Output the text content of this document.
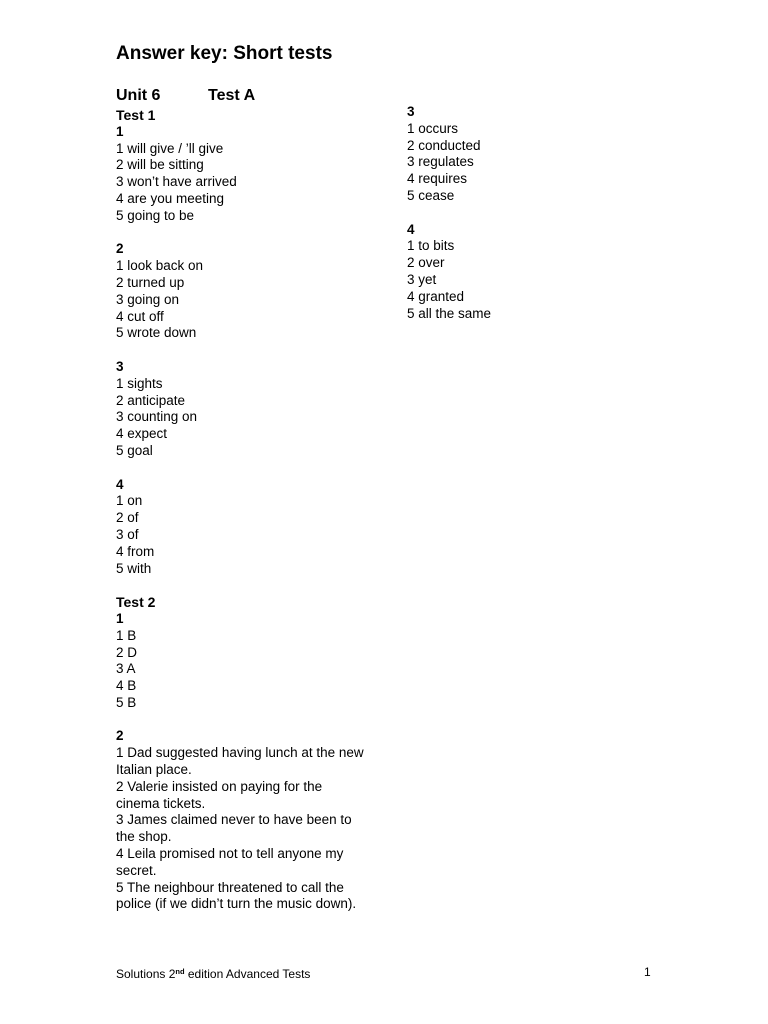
Answer key: Short tests
Unit 6	Test A
Test 1
1
1 will give / ’ll give
2 will be sitting
3 won’t have arrived
4 are you meeting
5 going to be
2
1 look back on
2 turned up
3 going on
4 cut off
5 wrote down
3
1 sights
2 anticipate
3 counting on
4 expect
5 goal
4
1 on
2 of
3 of
4 from
5 with
Test 2
1
1 B
2 D
3 A
4 B
5 B
2
1 Dad suggested having lunch at the new Italian place.
2 Valerie insisted on paying for the cinema tickets.
3 James claimed never to have been to the shop.
4 Leila promised not to tell anyone my secret.
5 The neighbour threatened to call the police (if we didn’t turn the music down).
3
1 occurs
2 conducted
3 regulates
4 requires
5 cease
4
1 to bits
2 over
3 yet
4 granted
5 all the same
Solutions 2nd edition Advanced Tests	1
